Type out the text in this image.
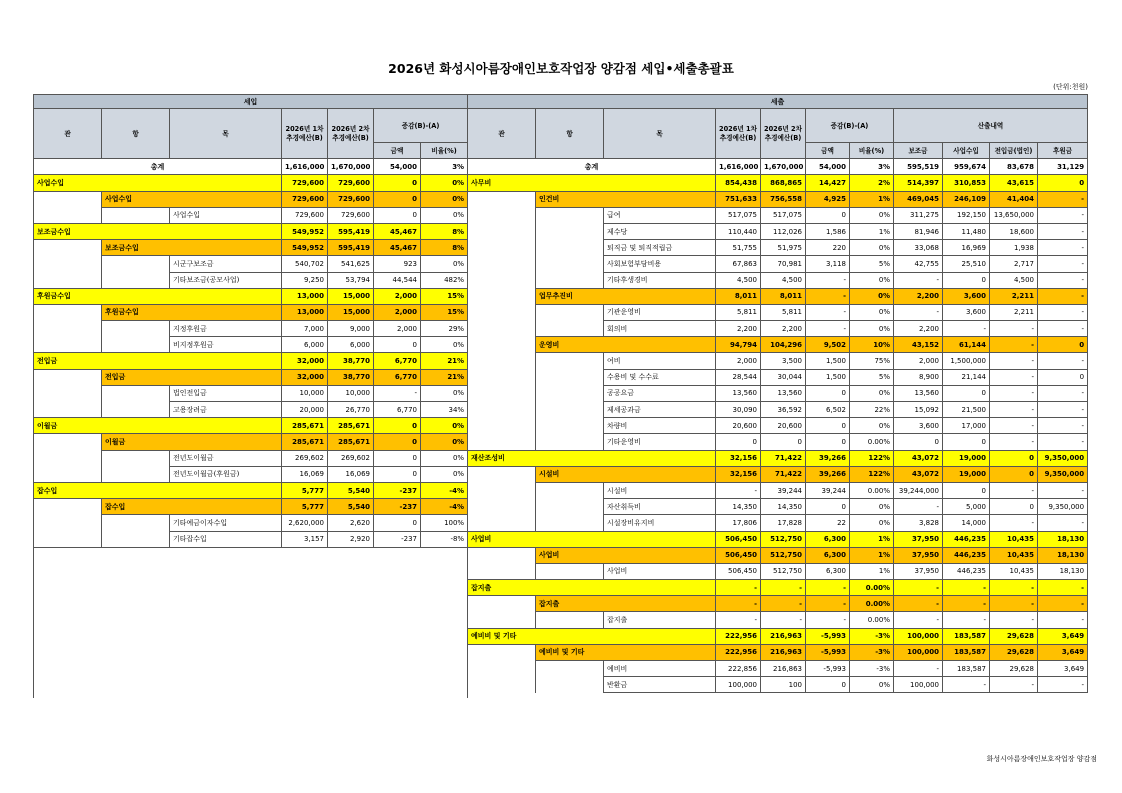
2026년 화성시아름장애인보호작업장 양감점 세입•세출총괄표
(단위:천원)
세입						
관	항	목	2026년 1차 추경예산(B)	2026년 2차 추경예산(B)	증감(B)-(A)	
					금액	비율(%)
총계			1,616,000	1,670,000	54,000	3%
사업수입			729,600	729,600	0	0%
	사업수입		729,600	729,600	0	0%
		사업수입	729,600	729,600	0	0%
보조금수입			549,952	595,419	45,467	8%
	보조금수입		549,952	595,419	45,467	8%
		시군구보조금	540,702	541,625	923	0%
		기타보조금(공모사업)	9,250	53,794	44,544	482%
후원금수입			13,000	15,000	2,000	15%
	후원금수입		13,000	15,000	2,000	15%
		지정후원금	7,000	9,000	2,000	29%
		비지정후원금	6,000	6,000	0	0%
전입금			32,000	38,770	6,770	21%
	전입금		32,000	38,770	6,770	21%
		법인전입금	10,000	10,000	-	0%
		고용장려금	20,000	26,770	6,770	34%
이월금			285,671	285,671	0	0%
	이월금		285,671	285,671	0	0%
		전년도이월금	269,602	269,602	0	0%
		전년도이월금(후원금)	16,069	16,069	0	0%
잡수입			5,777	5,540	-237	-4%
	잡수입		5,777	5,540	-237	-4%
		기타예금이자수입	2,620,000	2,620	0	100%
		기타잡수입	3,157	2,920	-237	-8%

세출										
관	항	목	2026년 1차 추경예산(B)	2026년 2차 추경예산(B)	증감(B)-(A)		산출내역			
					금액	비율(%)	보조금	사업수입	전입금(법인)	후원금
총계			1,616,000	1,670,000	54,000	3%	595,519	959,674	83,678	31,129
사무비			854,438	868,865	14,427	2%	514,397	310,853	43,615	0
	인건비		751,633	756,558	4,925	1%	469,045	246,109	41,404	-
		급여	517,075	517,075	0	0%	311,275	192,150	13,650,000	-
		제수당	110,440	112,026	1,586	1%	81,946	11,480	18,600	-
		퇴직금 및 퇴직적립금	51,755	51,975	220	0%	33,068	16,969	1,938	-
		사회보험부담비용	67,863	70,981	3,118	5%	42,755	25,510	2,717	-
		기타후생경비	4,500	4,500	-	0%	-	0	4,500	-
	업무추진비		8,011	8,011	-	0%	2,200	3,600	2,211	-
		기관운영비	5,811	5,811	-	0%	-	3,600	2,211	-
		회의비	2,200	2,200	-	0%	2,200	-	-	-
	운영비		94,794	104,296	9,502	10%	43,152	61,144	-	0
		여비	2,000	3,500	1,500	75%	2,000	1,500,000	-	-
		수용비 및 수수료	28,544	30,044	1,500	5%	8,900	21,144	-	0
		공공요금	13,560	13,560	0	0%	13,560	0	-	-
		제세공과금	30,090	36,592	6,502	22%	15,092	21,500	-	-
		차량비	20,600	20,600	0	0%	3,600	17,000	-	-
		기타운영비	0	0	0	0.00%	0	0	-	-
재산조성비			32,156	71,422	39,266	122%	43,072	19,000	0	9,350,000
	시설비		32,156	71,422	39,266	122%	43,072	19,000	0	9,350,000
		시설비	-	39,244	39,244	0.00%	39,244,000	0	-	-
		자산취득비	14,350	14,350	0	0%	-	5,000	0	9,350,000
		시설장비유지비	17,806	17,828	22	0%	3,828	14,000	-	-
사업비			506,450	512,750	6,300	1%	37,950	446,235	10,435	18,130
	사업비		506,450	512,750	6,300	1%	37,950	446,235	10,435	18,130
		사업비	506,450	512,750	6,300	1%	37,950	446,235	10,435	18,130
잡지출			-	-	-	0.00%	-	-	-	-
	잡지출		-	-	-	0.00%	-	-	-	-
		잡지출	-	-	-	0.00%	-	-	-	-
예비비 및 기타			222,956	216,963	-5,993	-3%	100,000	183,587	29,628	3,649
	예비비 및 기타		222,956	216,963	-5,993	-3%	100,000	183,587	29,628	3,649
		예비비	222,856	216,863	-5,993	-3%	-	183,587	29,628	3,649
		반환금	100,000	100	0	0%	100,000	-	-	-
화성시아름장애인보호작업장 양감점
